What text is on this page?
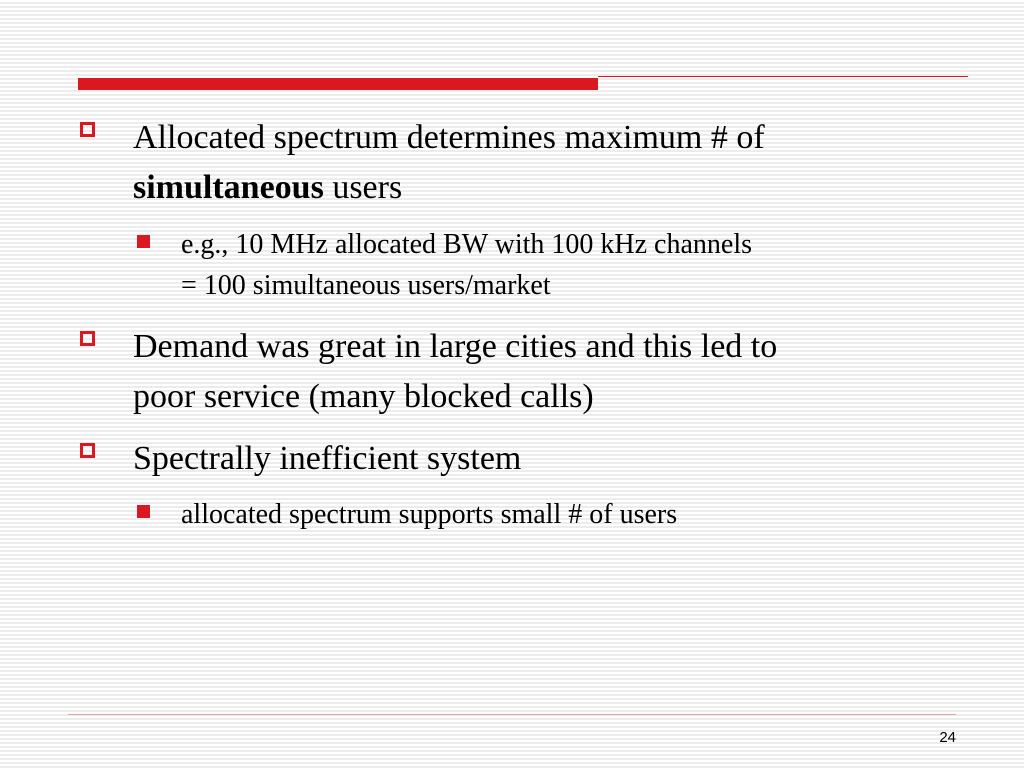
Allocated spectrum determines maximum # of
simultaneous users
e.g., 10 MHz allocated BW with 100 kHz channels
= 100 simultaneous users/market
Demand was great in large cities and this led to
poor service (many blocked calls)
Spectrally inefficient system
allocated spectrum supports small # of users
24
